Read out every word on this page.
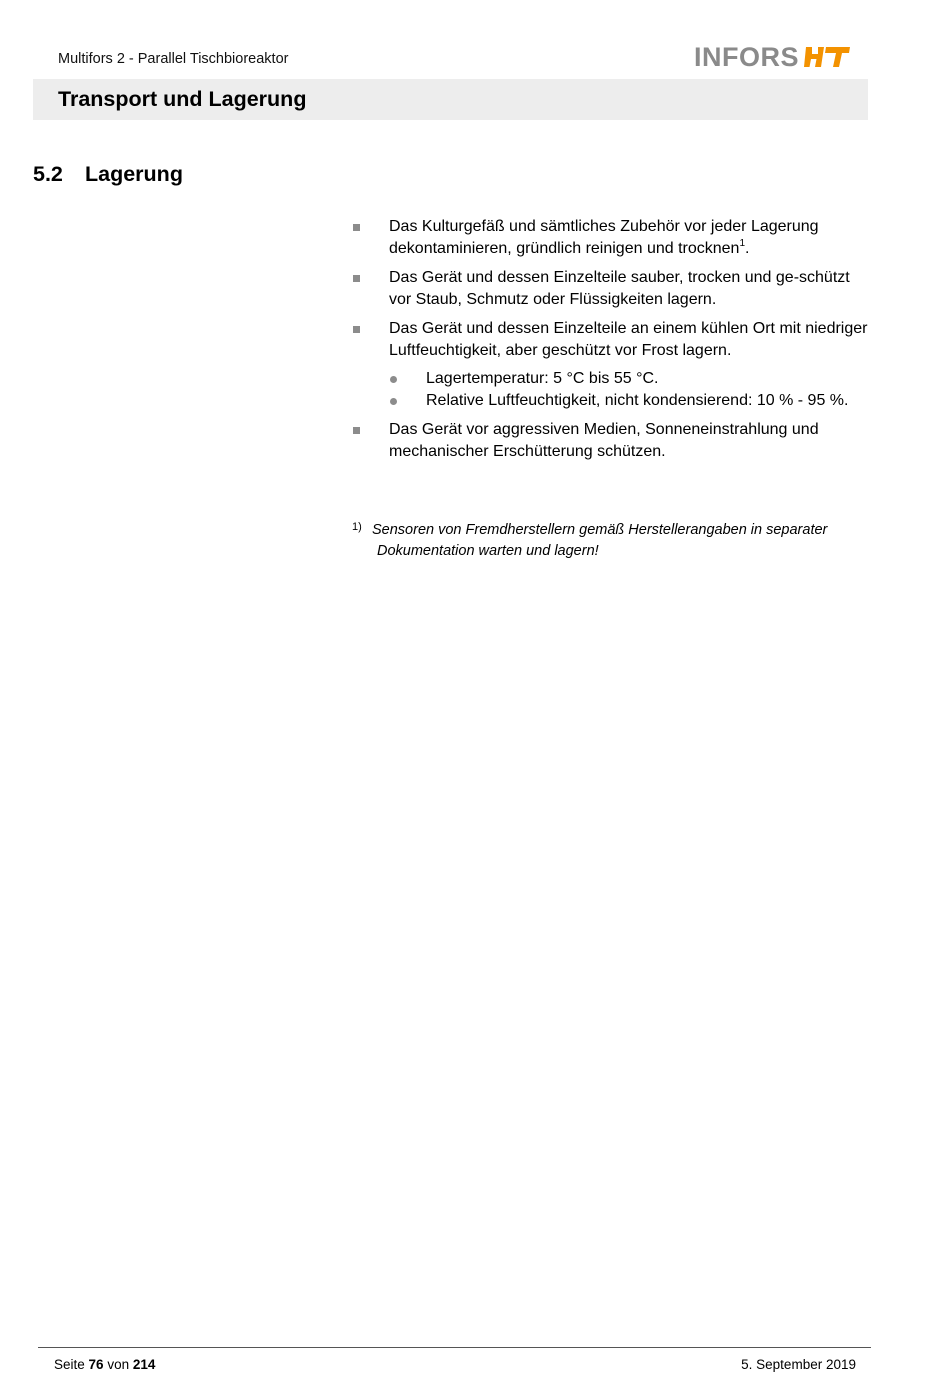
Multifors 2 - Parallel Tischbioreaktor	INFORS
Transport und Lagerung
5.2 Lagerung
Das Kulturgefäß und sämtliches Zubehör vor jeder Lagerung dekontaminieren, gründlich reinigen und trocknen$^1$.
Das Gerät und dessen Einzelteile sauber, trocken und ge-schützt vor Staub, Schmutz oder Flüssigkeiten lagern.
Das Gerät und dessen Einzelteile an einem kühlen Ort mit niedriger Luftfeuchtigkeit, aber geschützt vor Frost lagern.
Lagertemperatur: 5 °C bis 55 °C.
Relative Luftfeuchtigkeit, nicht kondensierend: 10 % - 95 %.
Das Gerät vor aggressiven Medien, Sonneneinstrahlung und mechanischer Erschütterung schützen.
1) Sensoren von Fremdherstellern gemäß Herstellerangaben in separater
Dokumentation warten und lagern!
Seite 76 von 214	5. September 2019
